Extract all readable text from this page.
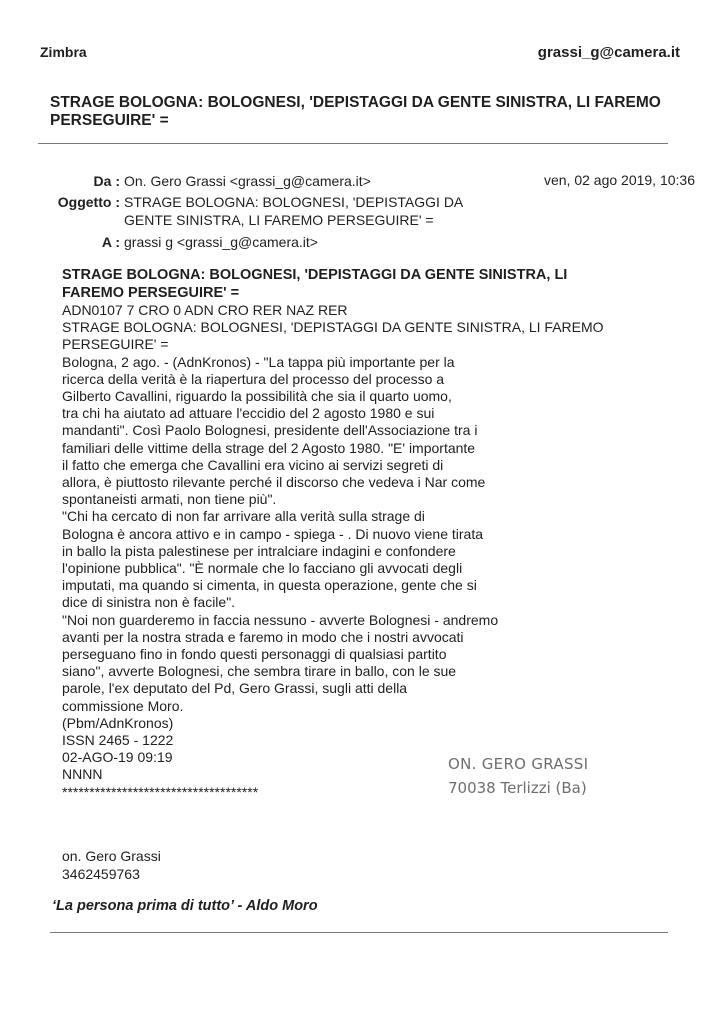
Zimbra	grassi_g@camera.it
STRAGE BOLOGNA: BOLOGNESI, 'DEPISTAGGI DA GENTE SINISTRA, LI FAREMO PERSEGUIRE' =
Da : On. Gero Grassi <grassi_g@camera.it>	ven, 02 ago 2019, 10:36
Oggetto : STRAGE BOLOGNA: BOLOGNESI, 'DEPISTAGGI DA
GENTE SINISTRA, LI FAREMO PERSEGUIRE' =
A : grassi g <grassi_g@camera.it>

STRAGE BOLOGNA: BOLOGNESI, 'DEPISTAGGI DA GENTE SINISTRA, LI

FAREMO PERSEGUIRE' =

ADN0107 7 CRO 0 ADN CRO RER NAZ RER

STRAGE BOLOGNA: BOLOGNESI, 'DEPISTAGGI DA GENTE SINISTRA, LI FAREMO

PERSEGUIRE' =

Bologna, 2 ago. - (AdnKronos) - "La tappa più importante per la

ricerca della verità è la riapertura del processo del processo a

Gilberto Cavallini, riguardo la possibilità che sia il quarto uomo,

tra chi ha aiutato ad attuare l'eccidio del 2 agosto 1980 e sui

mandanti". Così Paolo Bolognesi, presidente dell'Associazione tra i

familiari delle vittime della strage del 2 Agosto 1980. "E' importante

il fatto che emerga che Cavallini era vicino ai servizi segreti di

allora, è piuttosto rilevante perché il discorso che vedeva i Nar come

spontaneisti armati, non tiene più".

"Chi ha cercato di non far arrivare alla verità sulla strage di

Bologna è ancora attivo e in campo - spiega - . Di nuovo viene tirata

in ballo la pista palestinese per intralciare indagini e confondere

l'opinione pubblica". "È normale che lo facciano gli avvocati degli

imputati, ma quando si cimenta, in questa operazione, gente che si

dice di sinistra non è facile".

"Noi non guarderemo in faccia nessuno - avverte Bolognesi - andremo

avanti per la nostra strada e faremo in modo che i nostri avvocati

perseguano fino in fondo questi personaggi di qualsiasi partito

siano", avverte Bolognesi, che sembra tirare in ballo, con le sue

parole, l'ex deputato del Pd, Gero Grassi, sugli atti della

commissione Moro.

(Pbm/AdnKronos)

ISSN 2465 - 1222

02-AGO-19 09:19

NNNN

************************************

ON. GERO GRASSI
70038 Terlizzi (Ba)
on. Gero Grassi
3462459763
‘La persona prima di tutto’ - Aldo Moro
